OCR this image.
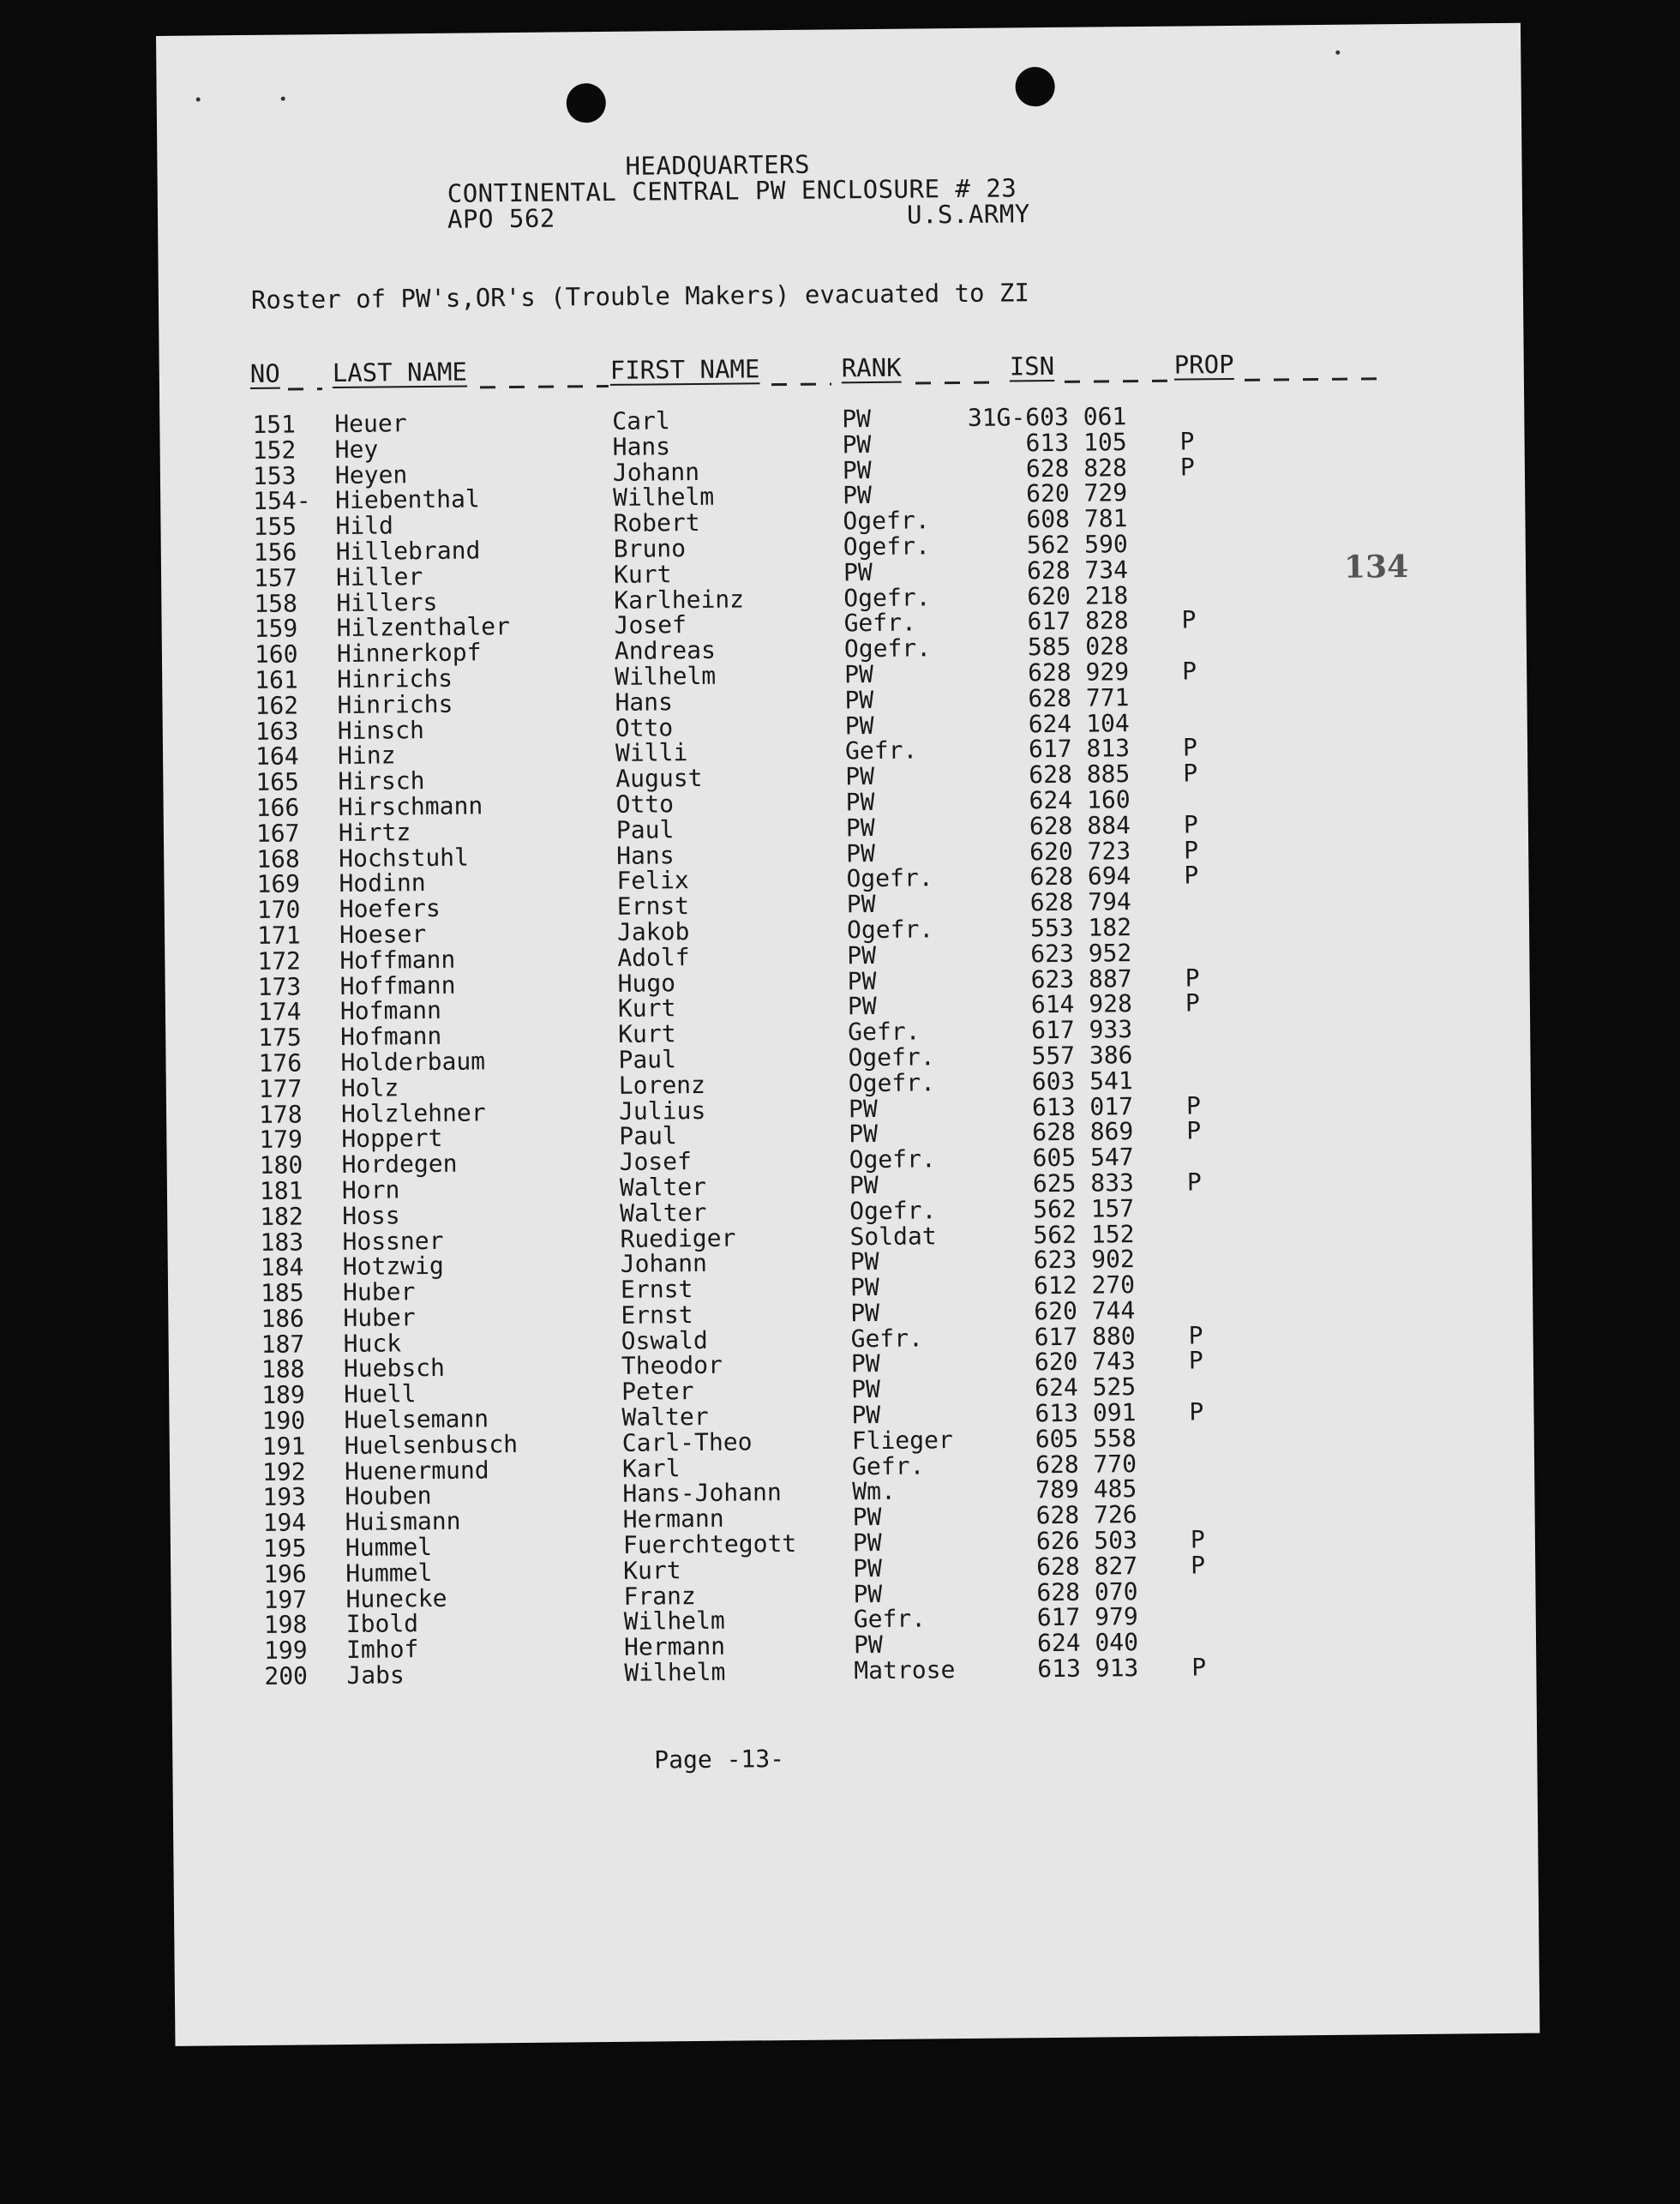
HEADQUARTERS
CONTINENTAL CENTRAL PW ENCLOSURE # 23
APO 562	U.S.ARMY
Roster of PW's,OR's (Trouble Makers) evacuated to ZI
NO LAST NAME	FIRST NAME	RANK	ISN	PROP
151 Heuer	Carl	PW	31G-603 061
152 Hey	Hans	PW	613 105 P
153 Heyen	Johann	PW	628 828 P
154- Hiebenthal	Wilhelm	PW	620 729
155 Hild	Robert	Ogefr.	608 781
156 Hillebrand	Bruno	Ogefr.	562 590
157 Hiller	Kurt	PW	628 734
158 Hillers	Karlheinz	Ogefr.	620 218
159 Hilzenthaler	Josef	Gefr.	617 828 P
160 Hinnerkopf	Andreas	Ogefr.	585 028
161 Hinrichs	Wilhelm	PW	628 929 P
162 Hinrichs	Hans	PW	628 771
163 Hinsch	Otto	PW	624 104
164 Hinz	Willi	Gefr.	617 813 P
165 Hirsch	August	PW	628 885 P
166 Hirschmann	Otto	PW	624 160
167 Hirtz	Paul	PW	628 884 P
168 Hochstuhl	Hans	PW	620 723 P
169 Hodinn	Felix	Ogefr.	628 694 P
170 Hoefers	Ernst	PW	628 794
171 Hoeser	Jakob	Ogefr.	553 182
172 Hoffmann	Adolf	PW	623 952
173 Hoffmann	Hugo	PW	623 887 P
174 Hofmann	Kurt	PW	614 928 P
175 Hofmann	Kurt	Gefr.	617 933
176 Holderbaum	Paul	Ogefr.	557 386
177 Holz	Lorenz	Ogefr.	603 541
178 Holzlehner	Julius	PW	613 017 P
179 Hoppert	Paul	PW	628 869 P
180 Hordegen	Josef	Ogefr.	605 547
181 Horn	Walter	PW	625 833 P
182 Hoss	Walter	Ogefr.	562 157
183 Hossner	Ruediger	Soldat	562 152
184 Hotzwig	Johann	PW	623 902
185 Huber	Ernst	PW	612 270
186 Huber	Ernst	PW	620 744
187 Huck	Oswald	Gefr.	617 880 P
188 Huebsch	Theodor	PW	620 743 P
189 Huell	Peter	PW	624 525
190 Huelsemann	Walter	PW	613 091 P
191 Huelsenbusch	Carl-Theo	Flieger	605 558
192 Huenermund	Karl	Gefr.	628 770
193 Houben	Hans-Johann	Wm.	789 485
194 Huismann	Hermann	PW	628 726
195 Hummel	Fuerchtegott PW	626 503 P
196 Hummel	Kurt	PW	628 827 P
197 Hunecke	Franz	PW	628 070
198 Ibold	Wilhelm	Gefr.	617 979
199 Imhof	Hermann	PW	624 040
200 Jabs	Wilhelm	Matrose	613 913 P
134
Page -13-
